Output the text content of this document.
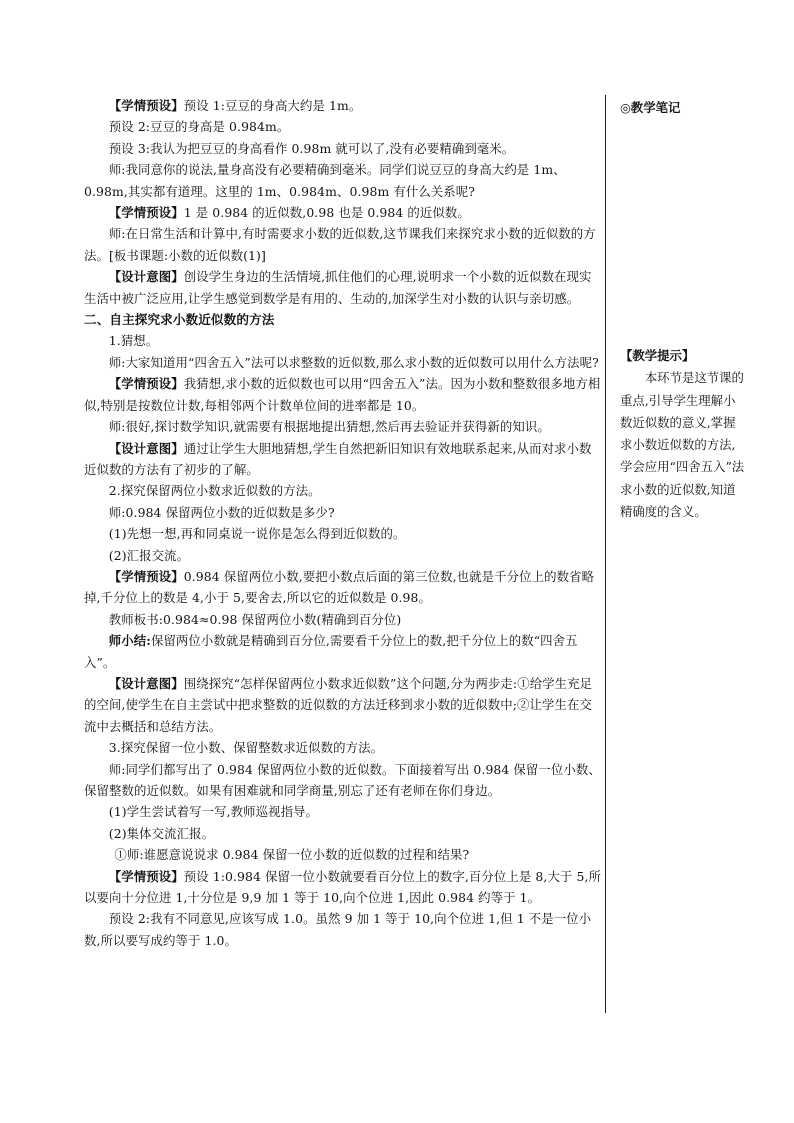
【学情预设】预设 1:豆豆的身高大约是 1m。

预设 2:豆豆的身高是 0.984m。

预设 3:我认为把豆豆的身高看作 0.98m 就可以了,没有必要精确到毫米。

师:我同意你的说法,量身高没有必要精确到毫米。同学们说豆豆的身高大约是 1m、0.98m,其实都有道理。这里的 1m、0.984m、0.98m 有什么关系呢?

【学情预设】1 是 0.984 的近似数,0.98 也是 0.984 的近似数。

师:在日常生活和计算中,有时需要求小数的近似数,这节课我们来探究求小数的近似数的方法。[板书课题:小数的近似数(1)]

【设计意图】创设学生身边的生活情境,抓住他们的心理,说明求一个小数的近似数在现实生活中被广泛应用,让学生感觉到数学是有用的、生动的,加深学生对小数的认识与亲切感。

二、自主探究求小数近似数的方法

1.猜想。

师:大家知道用“四舍五入”法可以求整数的近似数,那么求小数的近似数可以用什么方法呢?

【学情预设】我猜想,求小数的近似数也可以用“四舍五入”法。因为小数和整数很多地方相似,特别是按数位计数,每相邻两个计数单位间的进率都是 10。

师:很好,探讨数学知识,就需要有根据地提出猜想,然后再去验证并获得新的知识。

【设计意图】通过让学生大胆地猜想,学生自然把新旧知识有效地联系起来,从而对求小数近似数的方法有了初步的了解。

2.探究保留两位小数求近似数的方法。

师:0.984 保留两位小数的近似数是多少?

(1)先想一想,再和同桌说一说你是怎么得到近似数的。

(2)汇报交流。

【学情预设】0.984 保留两位小数,要把小数点后面的第三位数,也就是千分位上的数省略掉,千分位上的数是 4,小于 5,要舍去,所以它的近似数是 0.98。

教师板书:0.984≈0.98 保留两位小数(精确到百分位)

师小结:保留两位小数就是精确到百分位,需要看千分位上的数,把千分位上的数“四舍五入”。

【设计意图】围绕探究“怎样保留两位小数求近似数”这个问题,分为两步走:①给学生充足的空间,使学生在自主尝试中把求整数的近似数的方法迁移到求小数的近似数中;②让学生在交流中去概括和总结方法。

3.探究保留一位小数、保留整数求近似数的方法。

师:同学们都写出了 0.984 保留两位小数的近似数。下面接着写出 0.984 保留一位小数、保留整数的近似数。如果有困难就和同学商量,别忘了还有老师在你们身边。

(1)学生尝试着写一写,教师巡视指导。

(2)集体交流汇报。

①师:谁愿意说说求 0.984 保留一位小数的近似数的过程和结果?

【学情预设】预设 1:0.984 保留一位小数就要看百分位上的数字,百分位上是 8,大于 5,所以要向十分位进 1,十分位是 9,9 加 1 等于 10,向个位进 1,因此 0.984 约等于 1。

预设 2:我有不同意见,应该写成 1.0。虽然 9 加 1 等于 10,向个位进 1,但 1 不是一位小数,所以要写成约等于 1.0。

◎教学笔记
【教学提示】

本环节是这节课的重点,引导学生理解小数近似数的意义,掌握求小数近似数的方法,学会应用“四舍五入”法求小数的近似数,知道精确度的含义。
